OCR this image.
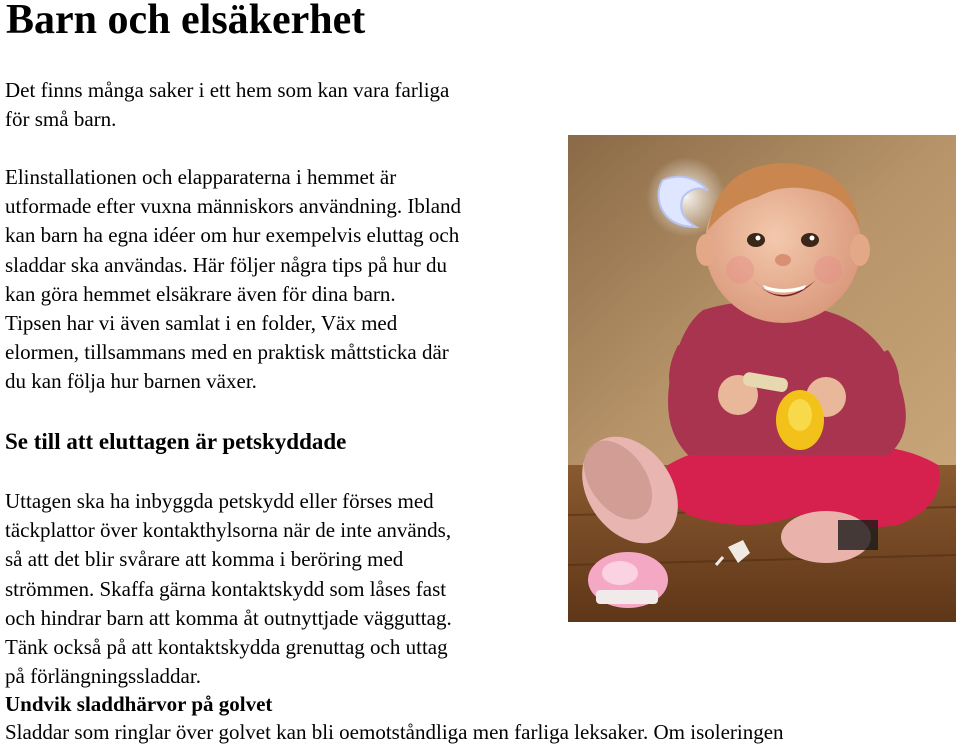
Barn och elsäkerhet
Det finns många saker i ett hem som kan vara farliga
för små barn.
Elinstallationen och elapparaterna i hemmet är
utformade efter vuxna människors användning. Ibland
kan barn ha egna idéer om hur exempelvis eluttag och
sladdar ska användas. Här följer några tips på hur du
kan göra hemmet elsäkrare även för dina barn.
Tipsen har vi även samlat i en folder, Väx med
elormen, tillsammans med en praktisk måttsticka där
du kan följa hur barnen växer.
Se till att eluttagen är petskyddade
Uttagen ska ha inbyggda petskydd eller förses med
täckplattor över kontakthylsorna när de inte används,
så att det blir svårare att komma i beröring med
strömmen. Skaffa gärna kontaktskydd som låses fast
och hindrar barn att komma åt outnyttjade vägguttag.
Tänk också på att kontaktskydda grenuttag och uttag
på förlängningssladdar.
Undvik sladdhärvor på golvet
Sladdar som ringlar över golvet kan bli oemotståndliga men farliga leksaker. Om isoleringen
